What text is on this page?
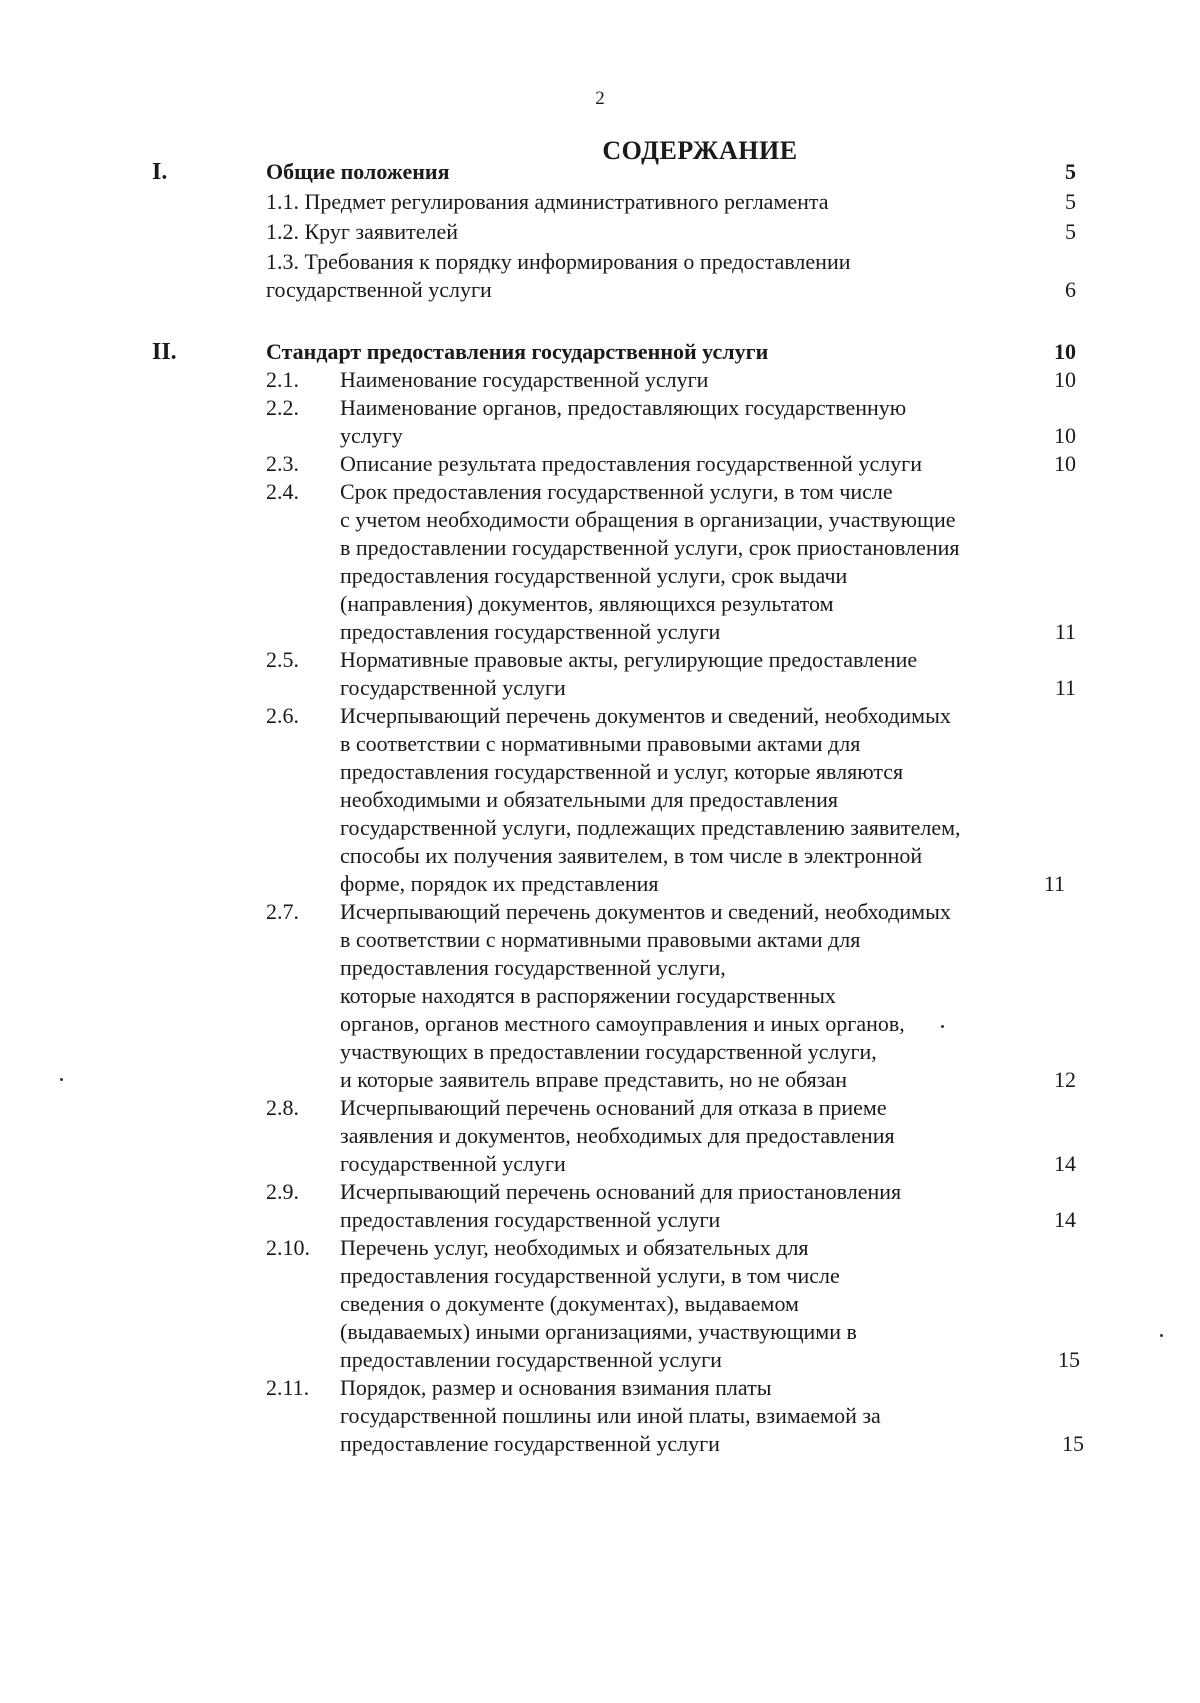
2
СОДЕРЖАНИЕ
I.	Общие положения	5
1.1. Предмет регулирования административного регламента	5
1.2. Круг заявителей	5
1.3. Требования к порядку информирования о предоставлении
государственной услуги	6
II.	Стандарт предоставления государственной услуги	10
2.1. Наименование государственной услуги	10
2.2. Наименование органов, предоставляющих государственную
услугу	10
2.3. Описание результата предоставления государственной услуги	10
2.4. Срок предоставления государственной услуги, в том числе
с учетом необходимости обращения в организации, участвующие
в предоставлении государственной услуги, срок приостановления
предоставления государственной услуги, срок выдачи
(направления) документов, являющихся результатом
предоставления государственной услуги	11
2.5. Нормативные правовые акты, регулирующие предоставление
государственной услуги	11
2.6. Исчерпывающий перечень документов и сведений, необходимых
в соответствии с нормативными правовыми актами для
предоставления государственной и услуг, которые являются
необходимыми и обязательными для предоставления
государственной услуги, подлежащих представлению заявителем,
способы их получения заявителем, в том числе в электронной
форме, порядок их представления	11
2.7. Исчерпывающий перечень документов и сведений, необходимых
в соответствии с нормативными правовыми актами для
предоставления государственной услуги,
которые находятся в распоряжении государственных
органов, органов местного самоуправления и иных органов,
участвующих в предоставлении государственной услуги,
и которые заявитель вправе представить, но не обязан	12
2.8. Исчерпывающий перечень оснований для отказа в приеме
заявления и документов, необходимых для предоставления
государственной услуги	14
2.9. Исчерпывающий перечень оснований для приостановления
предоставления государственной услуги	14
2.10. Перечень услуг, необходимых и обязательных для
предоставления государственной услуги, в том числе
сведения о документе (документах), выдаваемом
(выдаваемых) иными организациями, участвующими в
предоставлении государственной услуги	15
2.11. Порядок, размер и основания взимания платы
государственной пошлины или иной платы, взимаемой за
предоставление государственной услуги	15
